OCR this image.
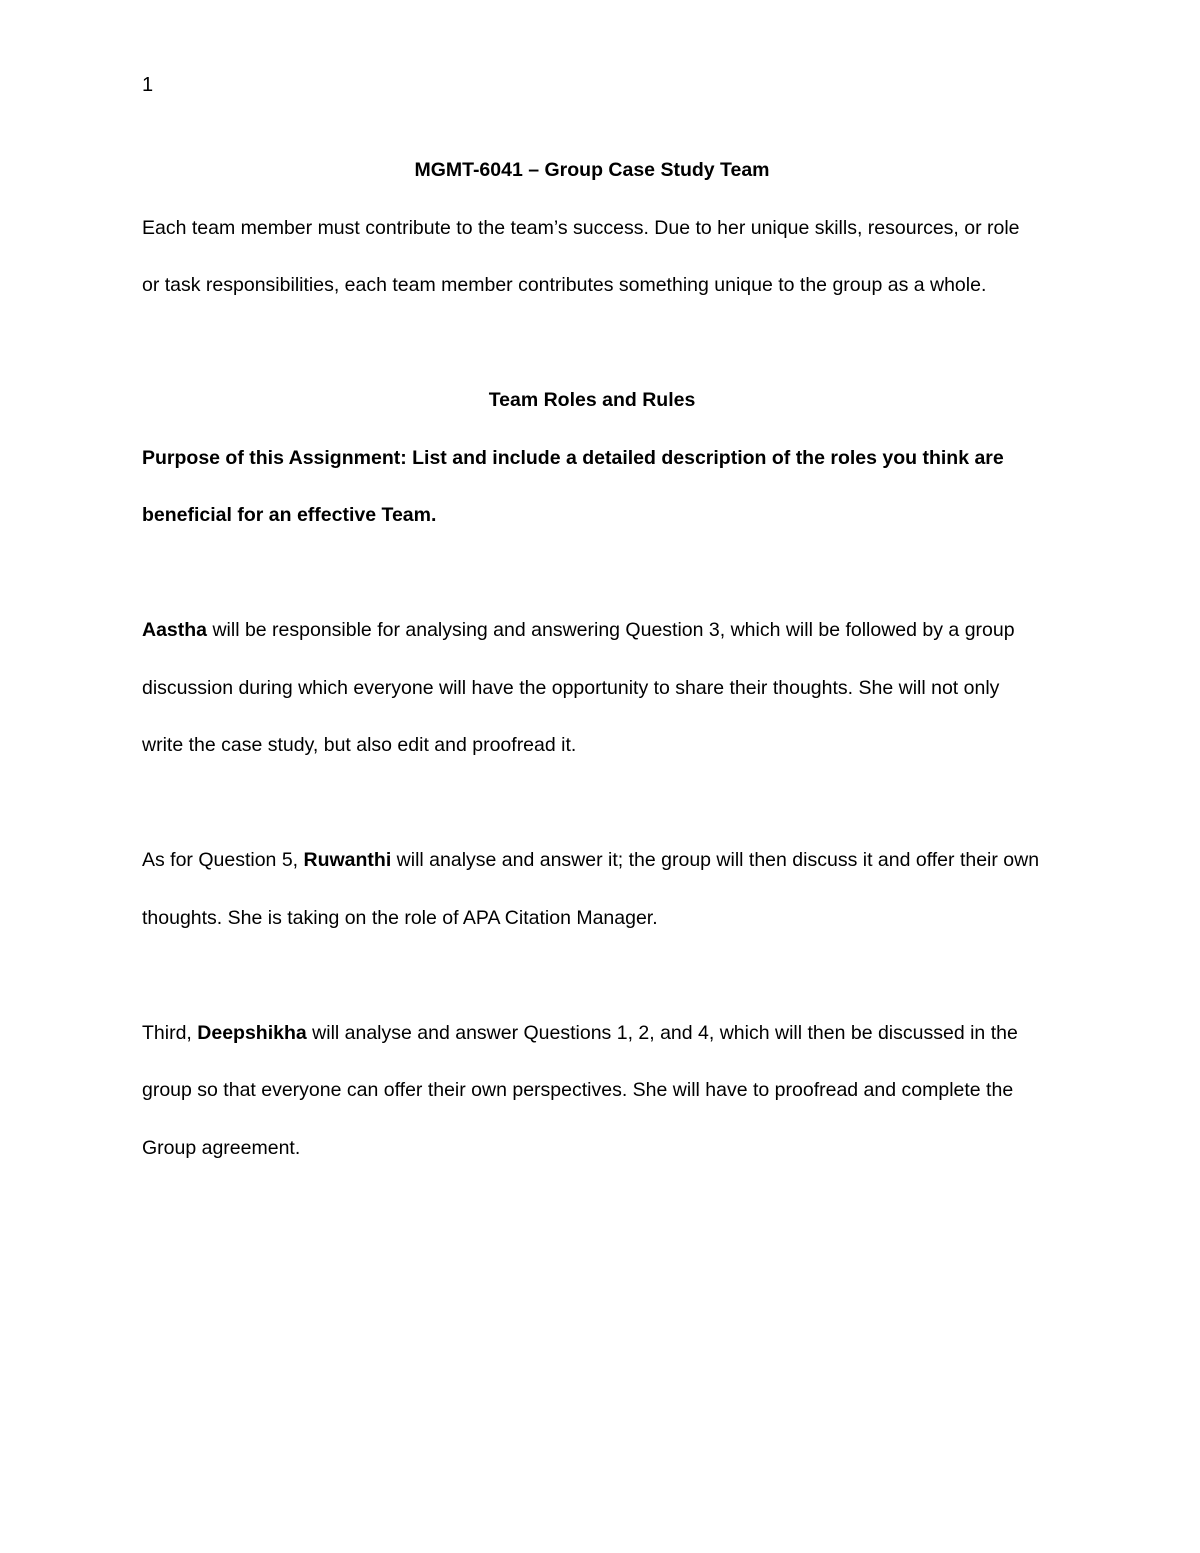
1

MGMT-6041 – Group Case Study Team

Each team member must contribute to the team’s success. Due to her unique skills, resources, or role or task responsibilities, each team member contributes something unique to the group as a whole.

Team Roles and Rules

Purpose of this Assignment: List and include a detailed description of the roles you think are beneficial for an effective Team.

Aastha will be responsible for analysing and answering Question 3, which will be followed by a group discussion during which everyone will have the opportunity to share their thoughts. She will not only write the case study, but also edit and proofread it.

As for Question 5, Ruwanthi will analyse and answer it; the group will then discuss it and offer their own thoughts. She is taking on the role of APA Citation Manager.

Third, Deepshikha will analyse and answer Questions 1, 2, and 4, which will then be discussed in the group so that everyone can offer their own perspectives. She will have to proofread and complete the Group agreement.
